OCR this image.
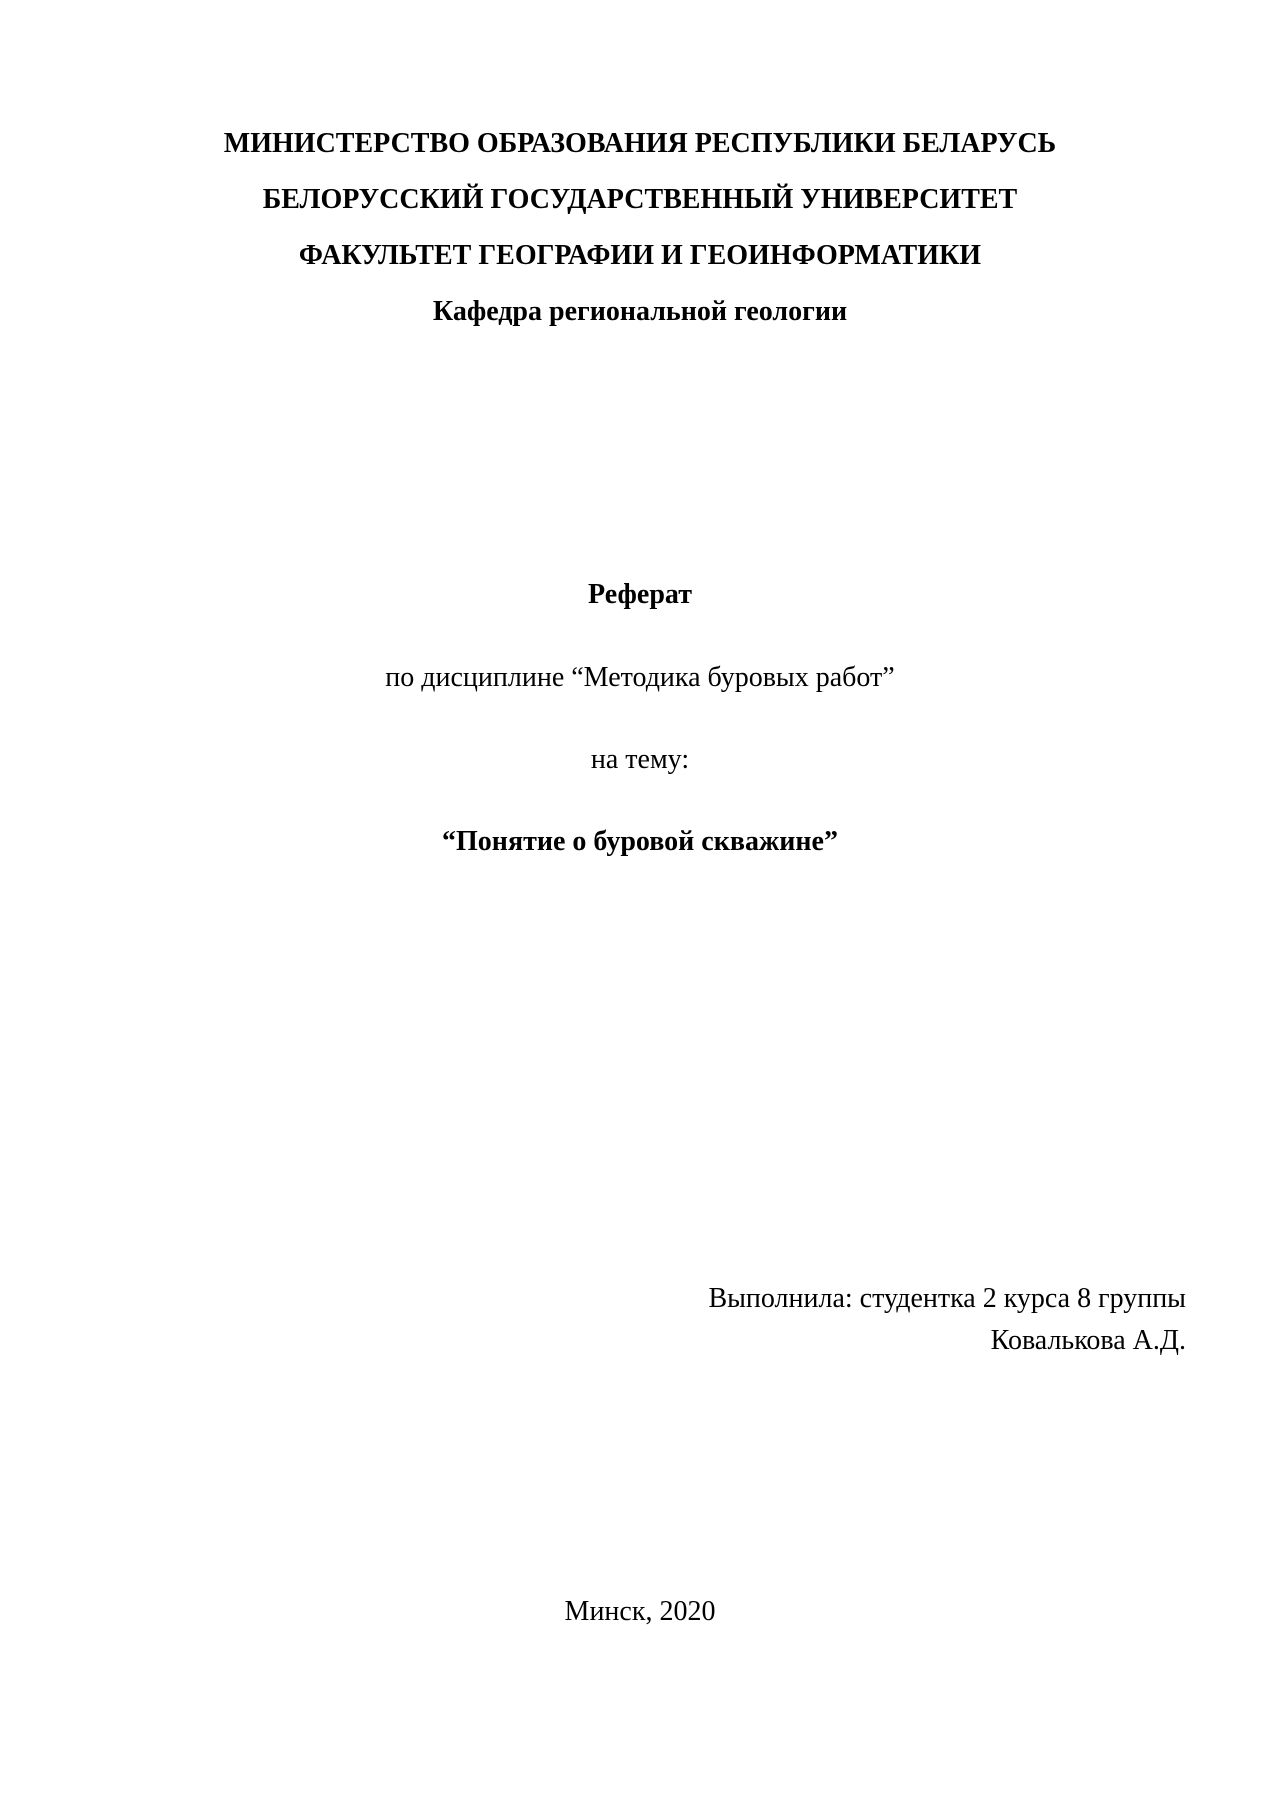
МИНИСТЕРСТВО ОБРАЗОВАНИЯ РЕСПУБЛИКИ БЕЛАРУСЬ
БЕЛОРУССКИЙ ГОСУДАРСТВЕННЫЙ УНИВЕРСИТЕТ
ФАКУЛЬТЕТ ГЕОГРАФИИ И ГЕОИНФОРМАТИКИ
Кафедра региональной геологии
Реферат
по дисциплине “Методика буровых работ”
на тему:
“Понятие о буровой скважине”
Выполнила: студентка 2 курса 8 группы
Ковалькова А.Д.
Минск, 2020
